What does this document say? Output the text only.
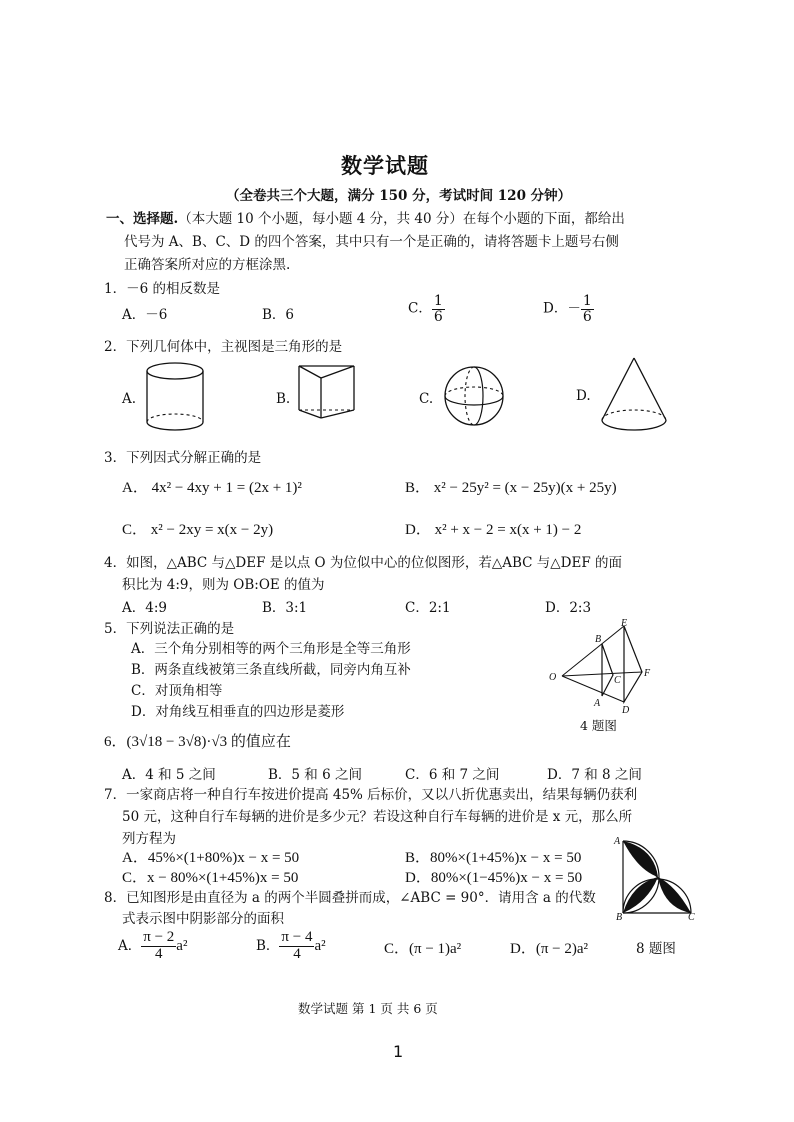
数学试题
（全卷共三个大题，满分 150 分，考试时间 120 分钟）
一、选择题.（本大题 10 个小题，每小题 4 分，共 40 分）在每个小题的下面，都给出
代号为 A、B、C、D 的四个答案，其中只有一个是正确的，请将答题卡上题号右侧
正确答案所对应的方框涂黑.
1．－6 的相反数是
A．－6	B．6	C． $\frac{1}{6}$	D．－ $\frac{1}{6}$
2．下列几何体中，主视图是三角形的是
A.	B.	C.	D.
3．下列因式分解正确的是
A． 4x² − 4xy + 1 = (2x + 1)²	B． x² − 25y² = (x − 25y)(x + 25y)
C． x² − 2xy = x(x − 2y)	D． x² + x − 2 = x(x + 1) − 2
4．如图，△ABC 与△DEF 是以点 O 为位似中心的位似图形，若△ABC 与△DEF 的面
积比为 4:9，则为 OB:OE 的值为
A．4:9	B．3:1	C．2:1	D．2:3
O
B
A
C
D
E
F
4 题图
5．下列说法正确的是
A．三个角分别相等的两个三角形是全等三角形
B．两条直线被第三条直线所截，同旁内角互补
C．对顶角相等
D．对角线互相垂直的四边形是菱形
6．(3√18 − 3√8)·√3 的值应在
A．4 和 5 之间	B．5 和 6 之间	C．6 和 7 之间	D．7 和 8 之间
7．一家商店将一种自行车按进价提高 45% 后标价，又以八折优惠卖出，结果每辆仍获利
50 元，这种自行车每辆的进价是多少元？若设这种自行车每辆的进价是 x 元，那么所
列方程为
A．45%×(1+80%)x − x = 50	B．80%×(1+45%)x − x = 50
C．x − 80%×(1+45%)x = 50	D．80%×(1−45%)x − x = 50
8．已知图形是由直径为 a 的两个半圆叠拼而成，∠ABC = 90°．请用含 a 的代数
式表示图中阴影部分的面积
A． $\frac{\pi - 2}{4} a^2$	B． $\frac{\pi - 4}{4} a^2$	C．(π − 1)a²	D．(π − 2)a²	8 题图
A
B	C
数学试题 第 1 页 共 6 页
1
